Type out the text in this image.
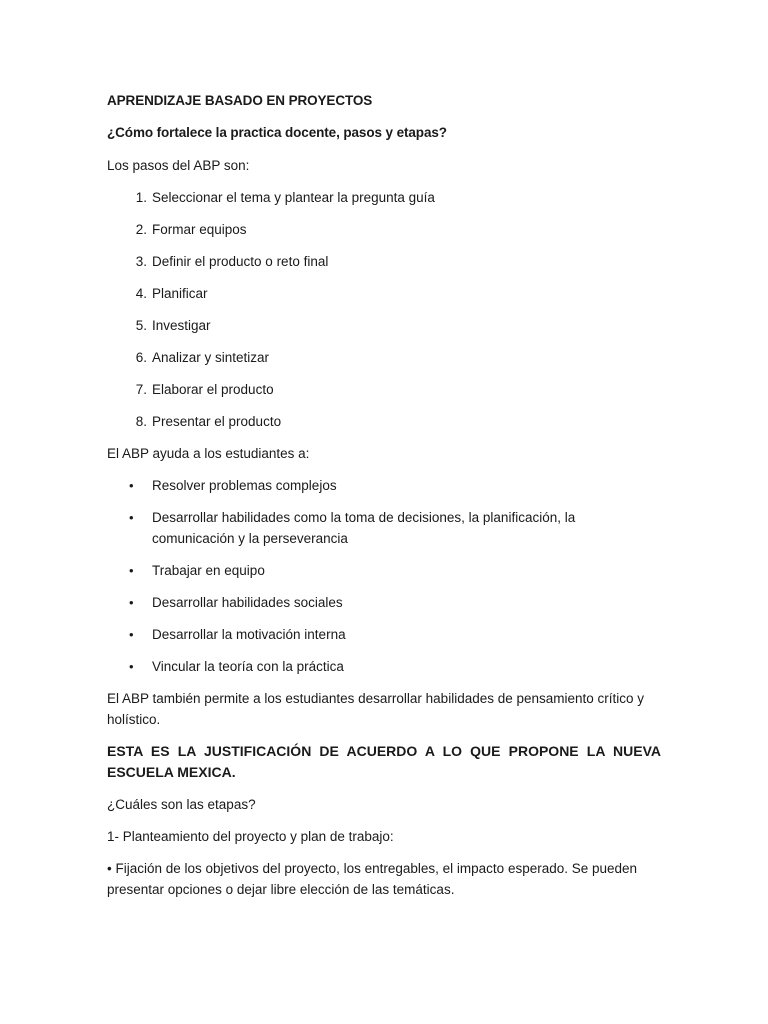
APRENDIZAJE BASADO EN PROYECTOS
¿Cómo fortalece la practica docente, pasos y etapas?

Los pasos del ABP son:

1. Seleccionar el tema y plantear la pregunta guía
2. Formar equipos
3. Definir el producto o reto final
4. Planificar
5. Investigar
6. Analizar y sintetizar
7. Elaborar el producto
8. Presentar el producto

El ABP ayuda a los estudiantes a:

• Resolver problemas complejos
• Desarrollar habilidades como la toma de decisiones, la planificación, la comunicación y la perseverancia
• Trabajar en equipo
• Desarrollar habilidades sociales
• Desarrollar la motivación interna
• Vincular la teoría con la práctica

El ABP también permite a los estudiantes desarrollar habilidades de pensamiento crítico y holístico.

ESTA ES LA JUSTIFICACIÓN DE ACUERDO A LO QUE PROPONE LA NUEVA ESCUELA MEXICA.

¿Cuáles son las etapas?

1- Planteamiento del proyecto y plan de trabajo:

• Fijación de los objetivos del proyecto, los entregables, el impacto esperado. Se pueden presentar opciones o dejar libre elección de las temáticas.
